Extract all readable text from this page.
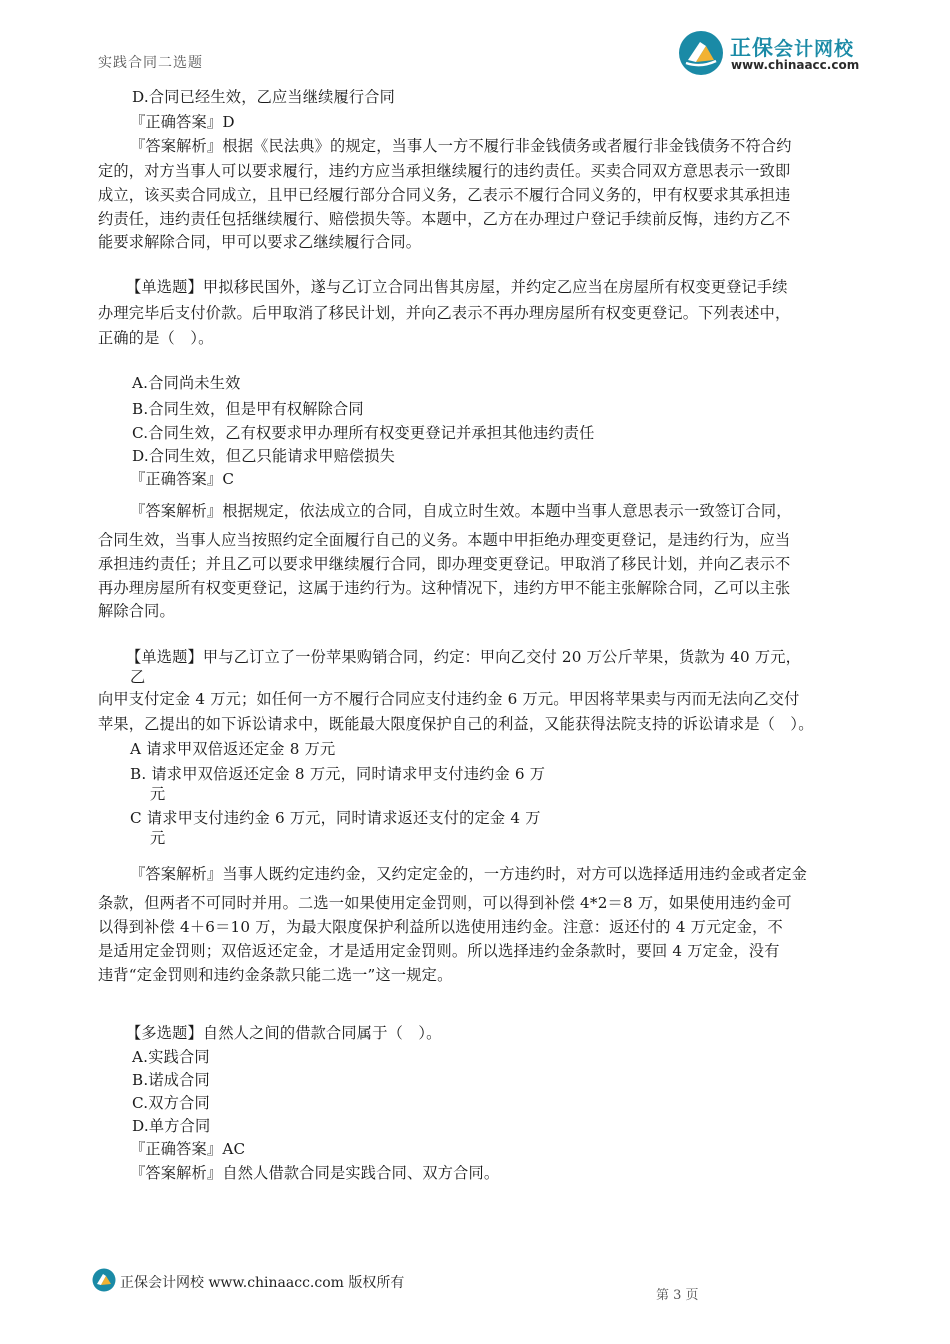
正保会计网校
www.chinaacc.com
实践合同二选题
D.合同已经生效，乙应当继续履行合同
『正确答案』D
『答案解析』根据《民法典》的规定，当事人一方不履行非金钱债务或者履行非金钱债务不符合约
定的，对方当事人可以要求履行，违约方应当承担继续履行的违约责任。买卖合同双方意思表示一致即
成立，该买卖合同成立，且甲已经履行部分合同义务，乙表示不履行合同义务的，甲有权要求其承担违
约责任，违约责任包括继续履行、赔偿损失等。本题中，乙方在办理过户登记手续前反悔，违约方乙不
能要求解除合同，甲可以要求乙继续履行合同。
【单选题】甲拟移民国外，遂与乙订立合同出售其房屋，并约定乙应当在房屋所有权变更登记手续
办理完毕后支付价款。后甲取消了移民计划，并向乙表示不再办理房屋所有权变更登记。下列表述中，
正确的是（　）。
A.合同尚未生效
B.合同生效，但是甲有权解除合同
C.合同生效，乙有权要求甲办理所有权变更登记并承担其他违约责任
D.合同生效，但乙只能请求甲赔偿损失
『正确答案』C
『答案解析』根据规定，依法成立的合同，自成立时生效。本题中当事人意思表示一致签订合同，
合同生效，当事人应当按照约定全面履行自己的义务。本题中甲拒绝办理变更登记，是违约行为，应当
承担违约责任；并且乙可以要求甲继续履行合同，即办理变更登记。甲取消了移民计划，并向乙表示不
再办理房屋所有权变更登记，这属于违约行为。这种情况下，违约方甲不能主张解除合同，乙可以主张
解除合同。
【单选题】甲与乙订立了一份苹果购销合同，约定：甲向乙交付 20 万公斤苹果，货款为 40 万元，
乙
向甲支付定金 4 万元；如任何一方不履行合同应支付违约金 6 万元。甲因将苹果卖与丙而无法向乙交付
苹果，乙提出的如下诉讼请求中，既能最大限度保护自己的利益，又能获得法院支持的诉讼请求是（　）。
A 请求甲双倍返还定金 8 万元
B. 请求甲双倍返还定金 8 万元，同时请求甲支付违约金 6 万
元
C 请求甲支付违约金 6 万元，同时请求返还支付的定金 4 万
元
『答案解析』当事人既约定违约金，又约定定金的，一方违约时，对方可以选择适用违约金或者定金
条款，但两者不可同时并用。二选一如果使用定金罚则，可以得到补偿 4*2＝8 万，如果使用违约金可
以得到补偿 4＋6＝10 万，为最大限度保护利益所以选使用违约金。注意：返还付的 4 万元定金，不
是适用定金罚则；双倍返还定金，才是适用定金罚则。所以选择违约金条款时，要回 4 万定金，没有
违背“定金罚则和违约金条款只能二选一”这一规定。
【多选题】自然人之间的借款合同属于（　）。
A.实践合同
B.诺成合同
C.双方合同
D.单方合同
『正确答案』AC
『答案解析』自然人借款合同是实践合同、双方合同。
正保会计网校 www.chinaacc.com 版权所有
第 3 页
